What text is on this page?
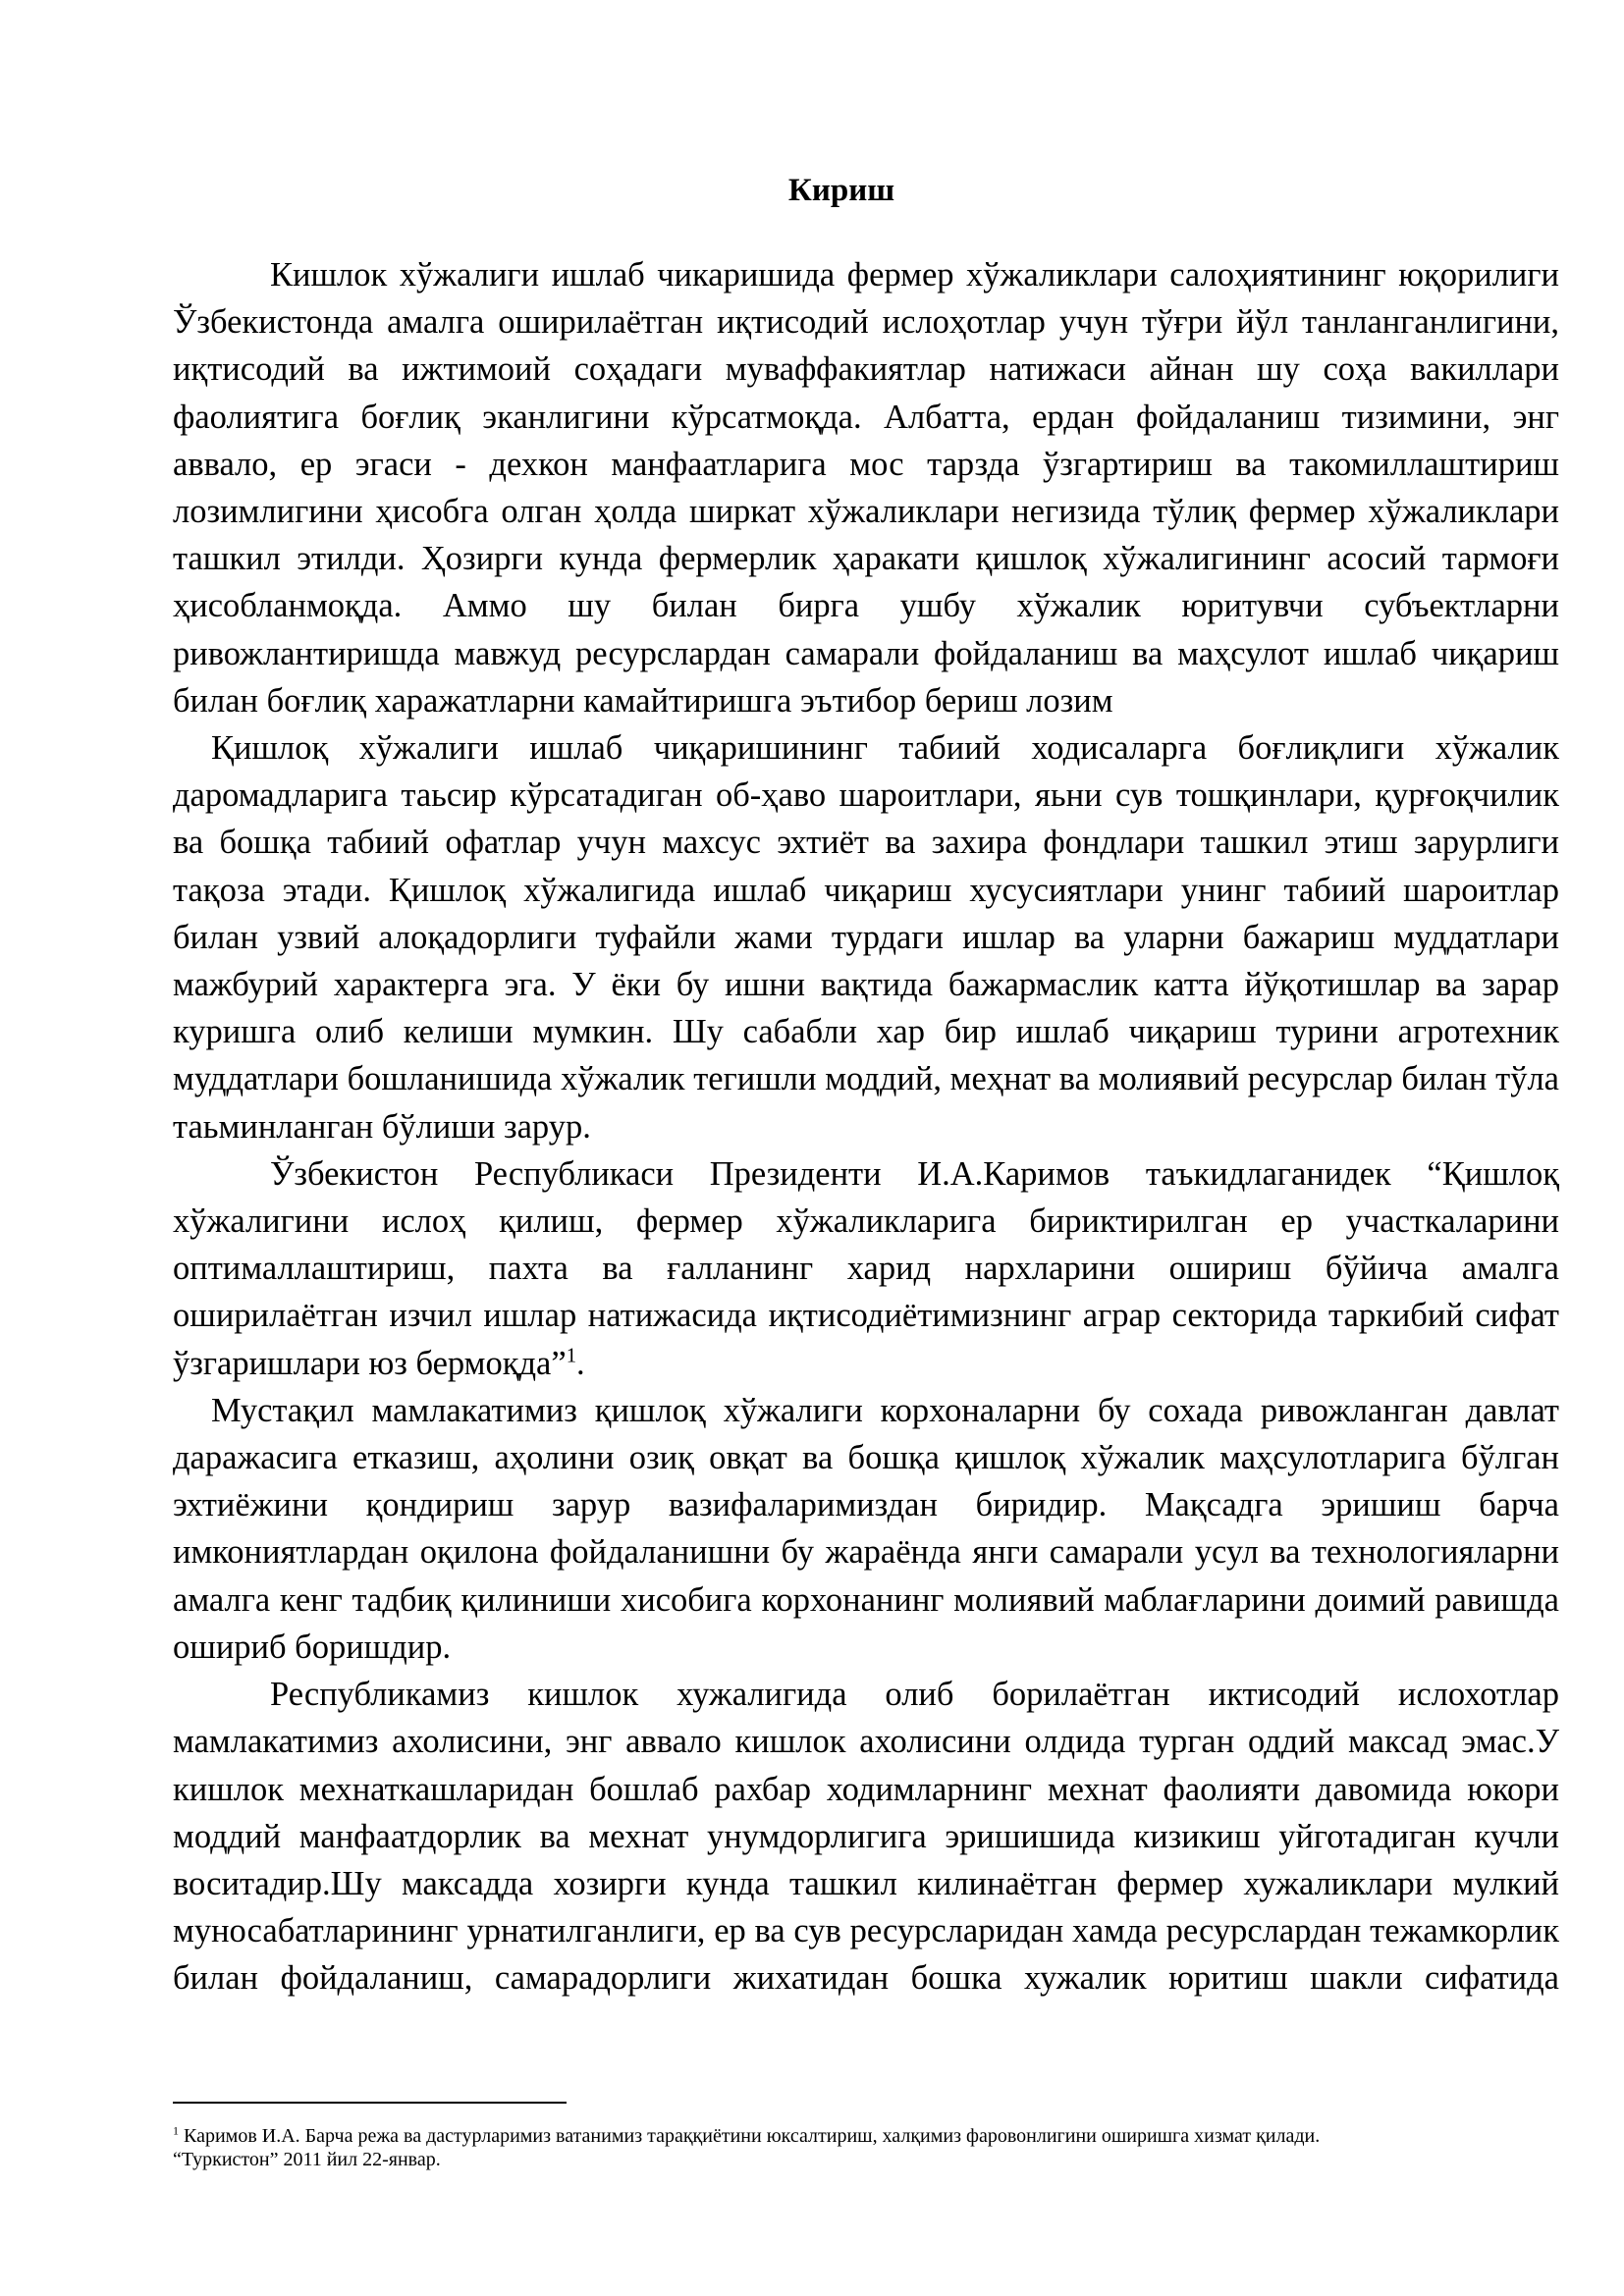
Кириш

Кишлок хўжалиги ишлаб чикаришида фермер хўжаликлари салоҳиятининг юқорилиги Ўзбекистонда амалга оширилаётган иқтисодий ислоҳотлар учун тўғри йўл танланганлигини, иқтисодий ва ижтимоий соҳадаги муваффакиятлар натижаси айнан шу соҳа вакиллари фаолиятига боғлиқ эканлигини кўрсатмоқда. Албатта, ердан фойдаланиш тизимини, энг аввало, ер эгаси - дехкон манфаатларига мос тарзда ўзгартириш ва такомиллаштириш лозимлигини ҳисобга олган ҳолда ширкат хўжаликлари негизида тўлиқ фермер хўжаликлари ташкил этилди. Ҳозирги кунда фермерлик ҳаракати қишлоқ хўжалигининг асосий тармоғи ҳисобланмоқда. Аммо шу билан бирга ушбу хўжалик юритувчи субъектларни ривожлантиришда мавжуд ресурслардан самарали фойдаланиш ва маҳсулот ишлаб чиқариш билан боғлиқ харажатларни камайтиришга эътибор бериш лозим

Қишлоқ хўжалиги ишлаб чиқаришининг табиий ходисаларга боғлиқлиги хўжалик даромадларига таьсир кўрсатадиган об-ҳаво шароитлари, яьни сув тошқинлари, қурғоқчилик ва бошқа табиий офатлар учун махсус эхтиёт ва захира фондлари ташкил этиш зарурлиги тақоза этади. Қишлоқ хўжалигида ишлаб чиқариш хусусиятлари унинг табиий шароитлар билан узвий алоқадорлиги туфайли жами турдаги ишлар ва уларни бажариш муддатлари мажбурий характерга эга. У ёки бу ишни вақтида бажармаслик катта йўқотишлар ва зарар куришга олиб келиши мумкин. Шу сабабли хар бир ишлаб чиқариш турини агротехник муддатлари бошланишида хўжалик тегишли моддий, меҳнат ва молиявий ресурслар билан тўла таьминланган бўлиши зарур.

Ўзбекистон Республикаси Президенти И.А.Каримов таъкидлаганидек “Қишлоқ хўжалигини ислоҳ қилиш, фермер хўжаликларига бириктирилган ер участкаларини оптималлаштириш, пахта ва ғалланинг харид нархларини ошириш бўйича амалга оширилаётган изчил ишлар натижасида иқтисодиётимизнинг аграр секторида таркибий сифат ўзгаришлари юз бермоқда”$^1$.

Мустақил мамлакатимиз қишлоқ хўжалиги корхоналарни бу сохада ривожланган давлат даражасига етказиш, аҳолини озиқ овқат ва бошқа қишлоқ хўжалик маҳсулотларига бўлган эхтиёжини қондириш зарур вазифаларимиздан биридир. Мақсадга эришиш барча имкониятлардан оқилона фойдаланишни бу жараёнда янги самарали усул ва технологияларни амалга кенг тадбиқ қилиниши хисобига корхонанинг молиявий маблағларини доимий равишда ошириб боришдир.

Республикамиз кишлок хужалигида олиб борилаётган иктисодий ислохотлар мамлакатимиз ахолисини, энг аввало кишлок ахолисини олдида турган оддий максад эмас.У кишлок мехнаткашларидан бошлаб рахбар ходимларнинг мехнат фаолияти давомида юкори моддий манфаатдорлик ва мехнат унумдорлигига эришишида кизикиш уйготадиган кучли воситадир.Шу максадда хозирги кунда ташкил килинаётган фермер хужаликлари мулкий муносабатларининг урнатилганлиги, ер ва сув ресурсларидан хамда ресурслардан тежамкорлик билан фойдаланиш, самарадорлиги жихатидан бошка хужалик юритиш шакли сифатида

$^1$ Каримов И.А. Барча режа ва дастурларимиз ватанимиз тараққиётини юксалтириш, халқимиз фаровонлигини оширишга хизмат қилади.

“Туркистон” 2011 йил 22-январ.
